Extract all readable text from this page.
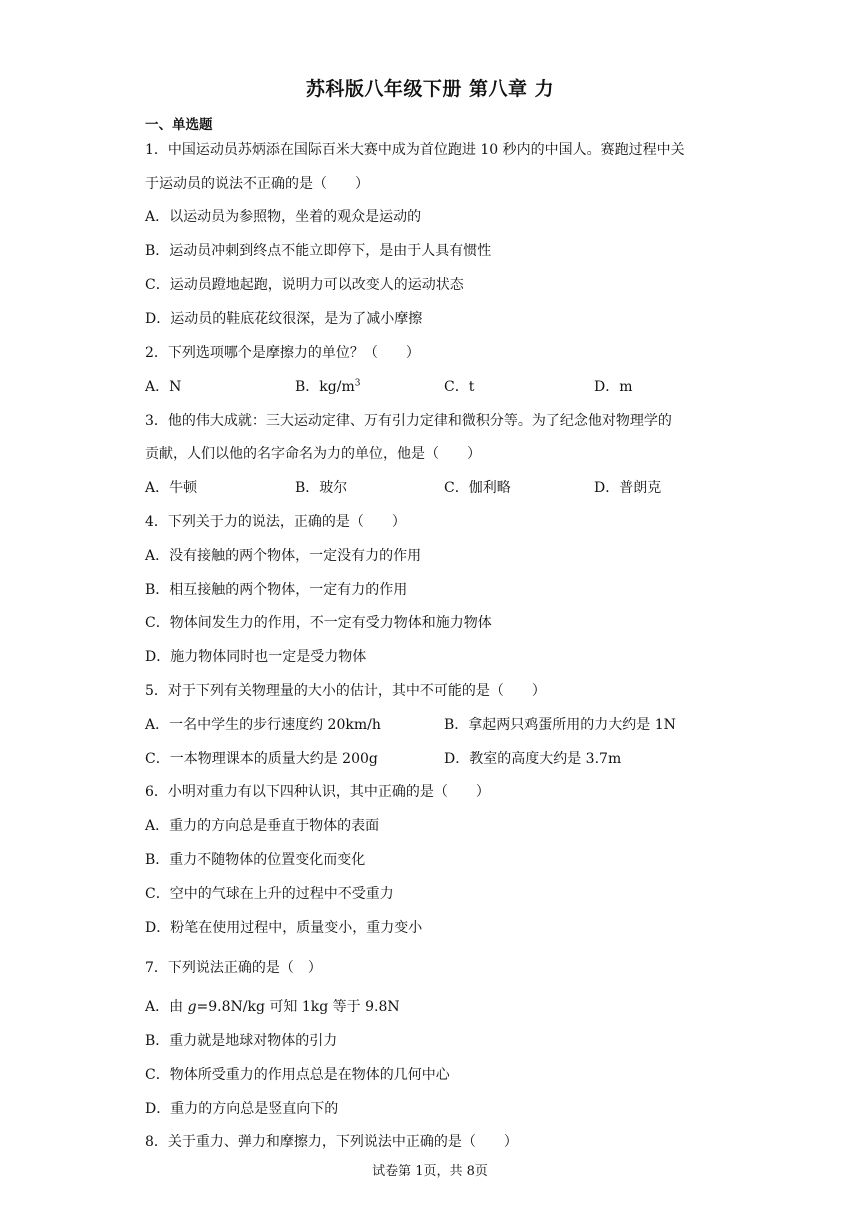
苏科版八年级下册 第八章 力
一、单选题
1．中国运动员苏炳添在国际百米大赛中成为首位跑进 10 秒内的中国人。赛跑过程中关
于运动员的说法不正确的是（　　）
A．以运动员为参照物，坐着的观众是运动的
B．运动员冲刺到终点不能立即停下，是由于人具有惯性
C．运动员蹬地起跑，说明力可以改变人的运动状态
D．运动员的鞋底花纹很深，是为了减小摩擦
2．下列选项哪个是摩擦力的单位？（　　）
A．N	B．$kg/m^3$	C．t	D．m
3．他的伟大成就：三大运动定律、万有引力定律和微积分等。为了纪念他对物理学的
贡献，人们以他的名字命名为力的单位，他是（　　）
A．牛顿	B．玻尔	C．伽利略	D．普朗克
4．下列关于力的说法，正确的是（　　）
A．没有接触的两个物体，一定没有力的作用
B．相互接触的两个物体，一定有力的作用
C．物体间发生力的作用，不一定有受力物体和施力物体
D．施力物体同时也一定是受力物体
5．对于下列有关物理量的大小的估计，其中不可能的是（　　）
A．一名中学生的步行速度约 20km/h	B．拿起两只鸡蛋所用的力大约是 1N
C．一本物理课本的质量大约是 200g	D．教室的高度大约是 3.7m
6．小明对重力有以下四种认识，其中正确的是（　　）
A．重力的方向总是垂直于物体的表面
B．重力不随物体的位置变化而变化
C．空中的气球在上升的过程中不受重力
D．粉笔在使用过程中，质量变小，重力变小
7．下列说法正确的是（　）
A．由 g=9.8N/kg 可知 1kg 等于 9.8N
B．重力就是地球对物体的引力
C．物体所受重力的作用点总是在物体的几何中心
D．重力的方向总是竖直向下的
8．关于重力、弹力和摩擦力，下列说法中正确的是（　　）
试卷第 1页，共 8页
